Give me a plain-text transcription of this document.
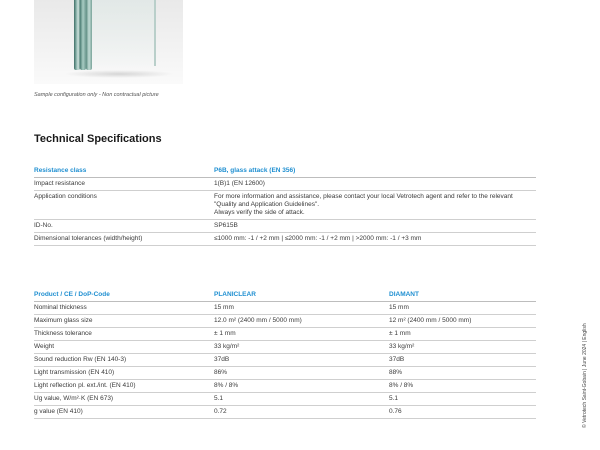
Sample configuration only - Non contractual picture
Technical Specifications
Resistance class	P6B, glass attack (EN 356)
Impact resistance	1(B)1 (EN 12600)
Application conditions	For more information and assistance, please contact your local Vetrotech agent and refer to the relevant "Quality and Application Guidelines".
Always verify the side of attack.

ID-No.	SP615B
Dimensional tolerances (width/height)	≤1000 mm: -1 / +2 mm | ≤2000 mm: -1 / +2 mm | >2000 mm: -1 / +3 mm
Product / CE / DoP-Code	PLANICLEAR	DIAMANT
Nominal thickness	15 mm	15 mm
Maximum glass size	12.0 m² (2400 mm / 5000 mm)	12 m² (2400 mm / 5000 mm)
Thickness tolerance	± 1 mm	± 1 mm
Weight	33 kg/m²	33 kg/m²
Sound reduction Rw (EN 140-3)	37dB	37dB
Light transmission (EN 410)	86%	88%
Light reflection pl. ext./int. (EN 410)	8% / 8%	8% / 8%
Ug value, W/m²·K (EN 673)	5.1	5.1
g value (EN 410)	0.72	0.76	© Vetrotech Saint-Gobain | June 2024 | English
